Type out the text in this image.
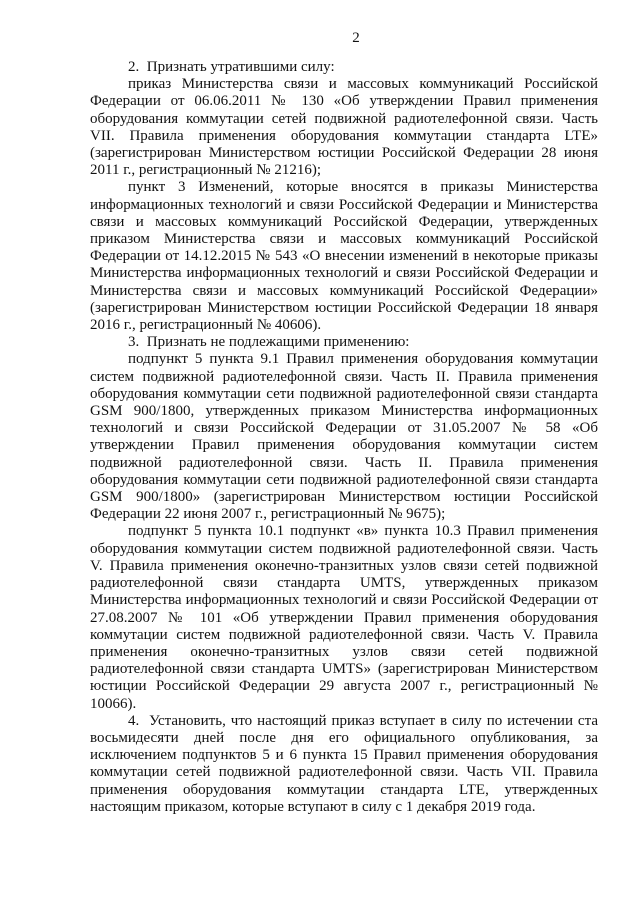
2

2.  Признать утратившими силу:

приказ Министерства связи и массовых коммуникаций Российской Федерации от 06.06.2011 № 130 «Об утверждении Правил применения оборудования коммутации сетей подвижной радиотелефонной связи. Часть VII. Правила применения оборудования коммутации стандарта LTE» (зарегистрирован Министерством юстиции Российской Федерации 28 июня 2011 г., регистрационный № 21216);

пункт 3 Изменений, которые вносятся в приказы Министерства информационных технологий и связи Российской Федерации и Министерства связи и массовых коммуникаций Российской Федерации, утвержденных приказом Министерства связи и массовых коммуникаций Российской Федерации от 14.12.2015 № 543 «О внесении изменений в некоторые приказы Министерства информационных технологий и связи Российской Федерации и Министерства связи и массовых коммуникаций Российской Федерации» (зарегистрирован Министерством юстиции Российской Федерации 18 января 2016 г., регистрационный № 40606).

3.  Признать не подлежащими применению:

подпункт 5 пункта 9.1 Правил применения оборудования коммутации систем подвижной радиотелефонной связи. Часть II. Правила применения оборудования коммутации сети подвижной радиотелефонной связи стандарта GSM 900/1800, утвержденных приказом Министерства информационных технологий и связи Российской Федерации от 31.05.2007 № 58 «Об утверждении Правил применения оборудования коммутации систем подвижной радиотелефонной связи. Часть II. Правила применения оборудования коммутации сети подвижной радиотелефонной связи стандарта GSM 900/1800» (зарегистрирован Министерством юстиции Российской Федерации 22 июня 2007 г., регистрационный № 9675);

подпункт 5 пункта 10.1 подпункт «в» пункта 10.3 Правил применения оборудования коммутации систем подвижной радиотелефонной связи. Часть V. Правила применения оконечно-транзитных узлов связи сетей подвижной радиотелефонной связи стандарта UMTS, утвержденных приказом Министерства информационных технологий и связи Российской Федерации от 27.08.2007 № 101 «Об утверждении Правил применения оборудования коммутации систем подвижной радиотелефонной связи. Часть V. Правила применения оконечно-транзитных узлов связи сетей подвижной радиотелефонной связи стандарта UMTS» (зарегистрирован Министерством юстиции Российской Федерации 29 августа 2007 г., регистрационный № 10066).

4.  Установить, что настоящий приказ вступает в силу по истечении ста восьмидесяти дней после дня его официального опубликования, за исключением подпунктов 5 и 6 пункта 15 Правил применения оборудования коммутации сетей подвижной радиотелефонной связи. Часть VII. Правила применения оборудования коммутации стандарта LTE, утвержденных настоящим приказом, которые вступают в силу с 1 декабря 2019 года.
